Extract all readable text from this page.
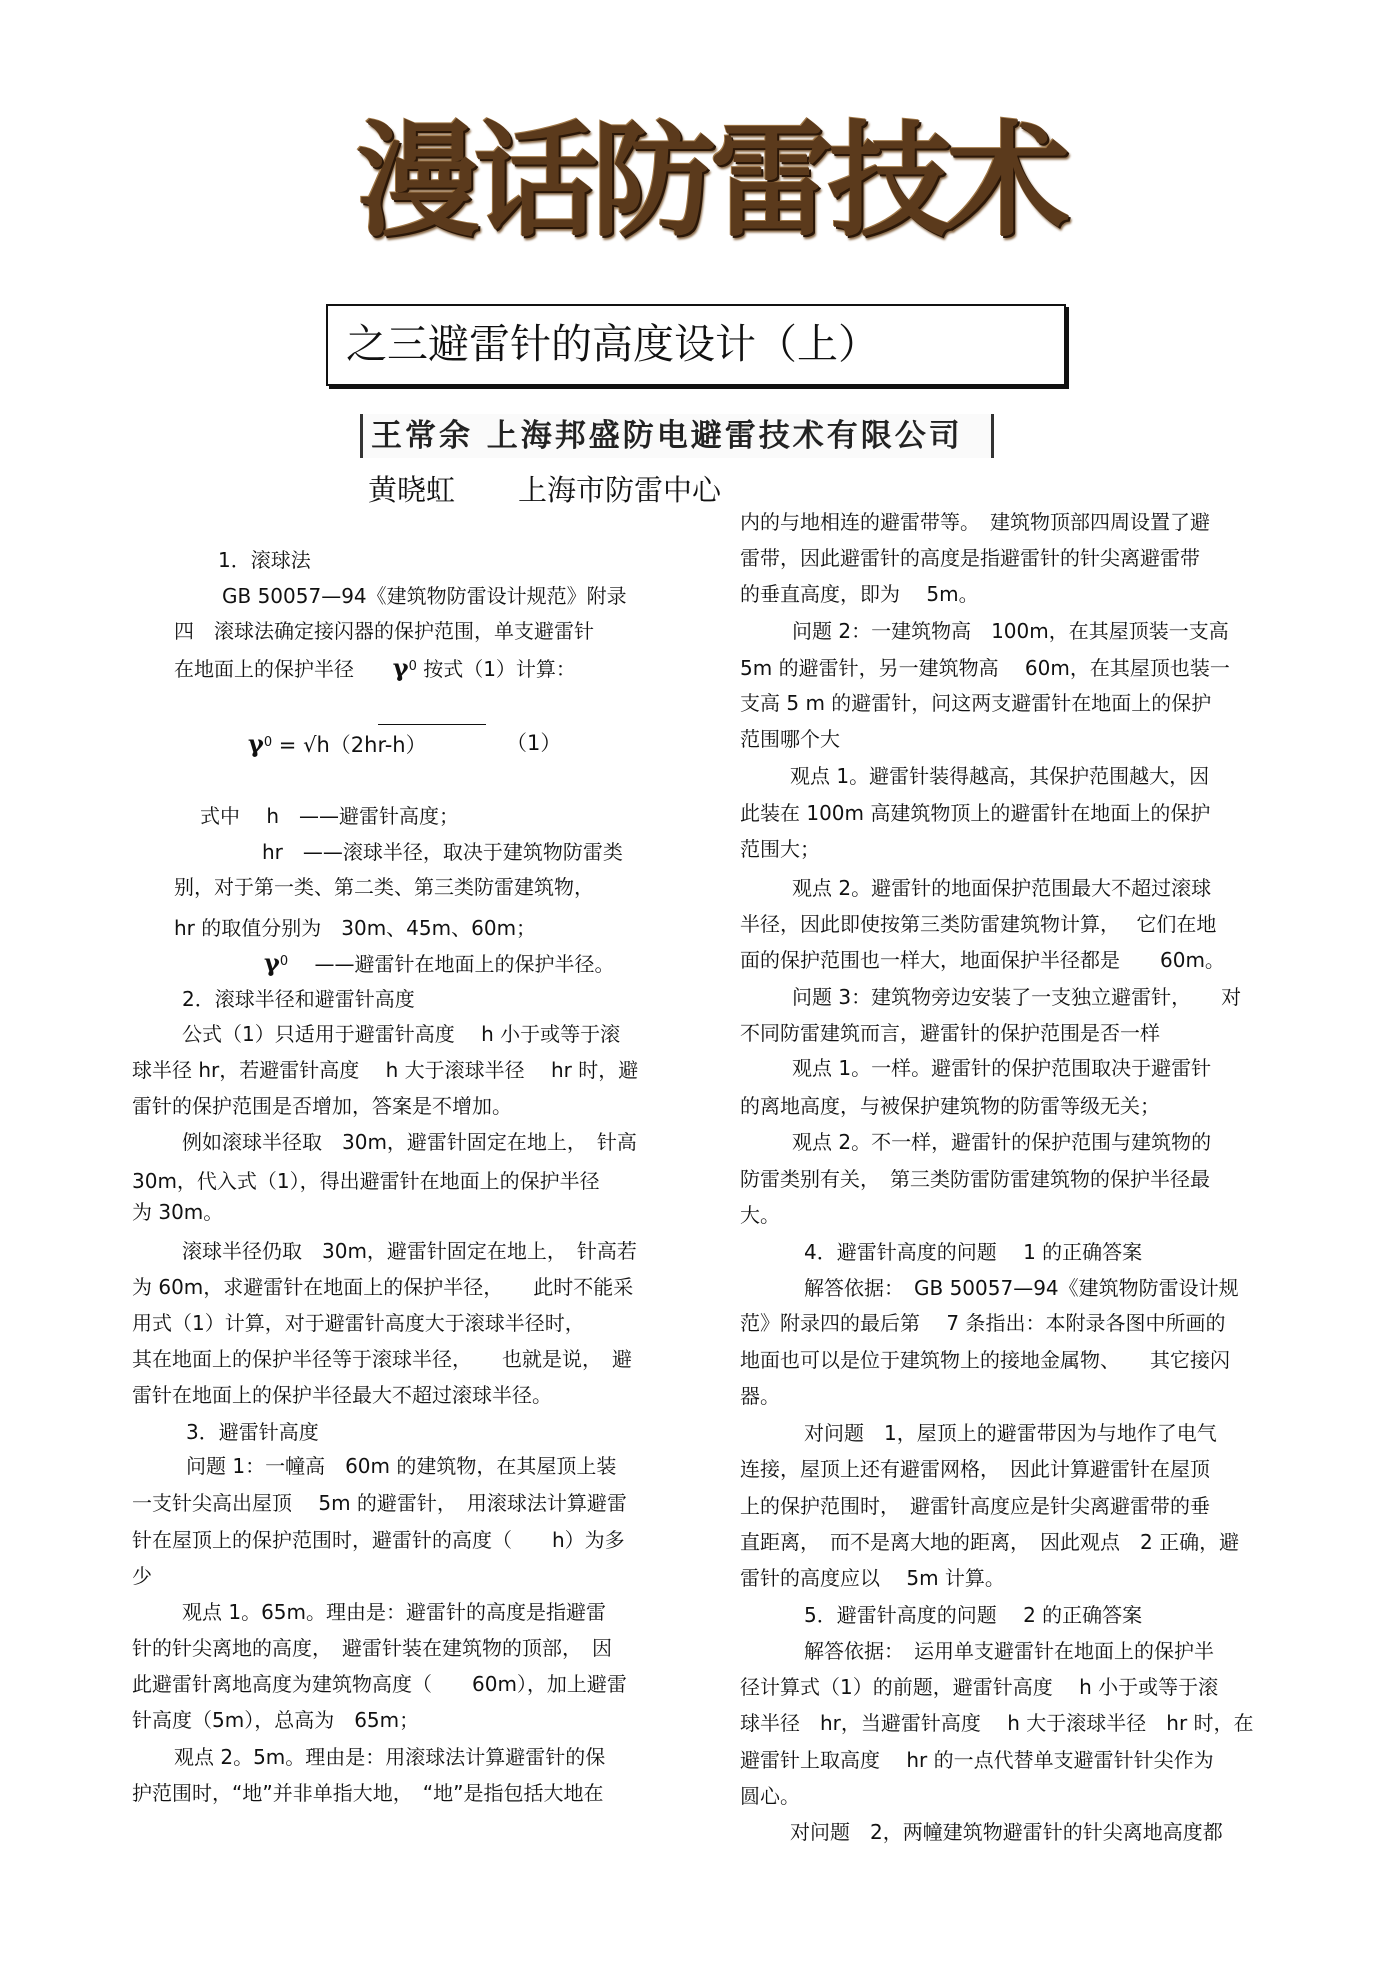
漫话防雷技术
之三避雷针的高度设计（上）
王常余 上海邦盛防电避雷技术有限公司
黄晓虹 上海市防雷中心
1．滚球法
GB 50057—94《建筑物防雷设计规范》附录
四　滚球法确定接闪器的保护范围，单支避雷针
在地面上的保护半径 $\gamma^0$ 按式（1）计算：
$\gamma^0 = √h(2hr-h)$	（1）
式中　 h　——避雷针高度；
hr　——滚球半径，取决于建筑物防雷类
别，对于第一类、第二类、第三类防雷建筑物，
hr 的取值分别为　30m、45m、60m；
$\gamma^0$ ——避雷针在地面上的保护半径。
2．滚球半径和避雷针高度
公式（1）只适用于避雷针高度　 h 小于或等于滚
球半径 hr，若避雷针高度　 h 大于滚球半径　 hr 时，避
雷针的保护范围是否增加，答案是不增加。
例如滚球半径取　30m，避雷针固定在地上，　针高
30m，代入式（1），得出避雷针在地面上的保护半径
为 30m。
滚球半径仍取　30m，避雷针固定在地上，　针高若
为 60m，求避雷针在地面上的保护半径，　　此时不能采
用式（1）计算，对于避雷针高度大于滚球半径时，
其在地面上的保护半径等于滚球半径，　　也就是说，　避
雷针在地面上的保护半径最大不超过滚球半径。
3．避雷针高度
问题 1：一幢高　60m 的建筑物，在其屋顶上装
一支针尖高出屋顶　 5m 的避雷针，　用滚球法计算避雷
针在屋顶上的保护范围时，避雷针的高度（　　h）为多
少
观点 1。65m。理由是：避雷针的高度是指避雷
针的针尖离地的高度，　避雷针装在建筑物的顶部，　因
此避雷针离地高度为建筑物高度（　　60m），加上避雷
针高度（5m），总高为　65m；
观点 2。5m。理由是：用滚球法计算避雷针的保
护范围时，“地”并非单指大地，　“地”是指包括大地在
内的与地相连的避雷带等。　建筑物顶部四周设置了避
雷带，因此避雷针的高度是指避雷针的针尖离避雷带
的垂直高度，即为　 5m。
问题 2：一建筑物高　100m，在其屋顶装一支高
5m 的避雷针，另一建筑物高　 60m，在其屋顶也装一
支高 5 m 的避雷针，问这两支避雷针在地面上的保护
范围哪个大
观点 1。避雷针装得越高，其保护范围越大，因
此装在 100m 高建筑物顶上的避雷针在地面上的保护
范围大；
观点 2。避雷针的地面保护范围最大不超过滚球
半径，因此即使按第三类防雷建筑物计算，　 它们在地
面的保护范围也一样大，地面保护半径都是　　60m。
问题 3：建筑物旁边安装了一支独立避雷针，　　对
不同防雷建筑而言，避雷针的保护范围是否一样
观点 1。一样。避雷针的保护范围取决于避雷针
的离地高度，与被保护建筑物的防雷等级无关；
观点 2。不一样，避雷针的保护范围与建筑物的
防雷类别有关，　第三类防雷防雷建筑物的保护半径最
大。
4．避雷针高度的问题　 1 的正确答案
解答依据：　GB 50057—94《建筑物防雷设计规
范》附录四的最后第　 7 条指出：本附录各图中所画的
地面也可以是位于建筑物上的接地金属物、　　其它接闪
器。
对问题　1，屋顶上的避雷带因为与地作了电气
连接，屋顶上还有避雷网格，　因此计算避雷针在屋顶
上的保护范围时，　避雷针高度应是针尖离避雷带的垂
直距离，　而不是离大地的距离，　因此观点　2 正确，避
雷针的高度应以　 5m 计算。
5．避雷针高度的问题　 2 的正确答案
解答依据：　运用单支避雷针在地面上的保护半
径计算式（1）的前题，避雷针高度　 h 小于或等于滚
球半径　hr，当避雷针高度　 h 大于滚球半径　hr 时，在
避雷针上取高度　 hr 的一点代替单支避雷针针尖作为
圆心。
对问题　2，两幢建筑物避雷针的针尖离地高度都
